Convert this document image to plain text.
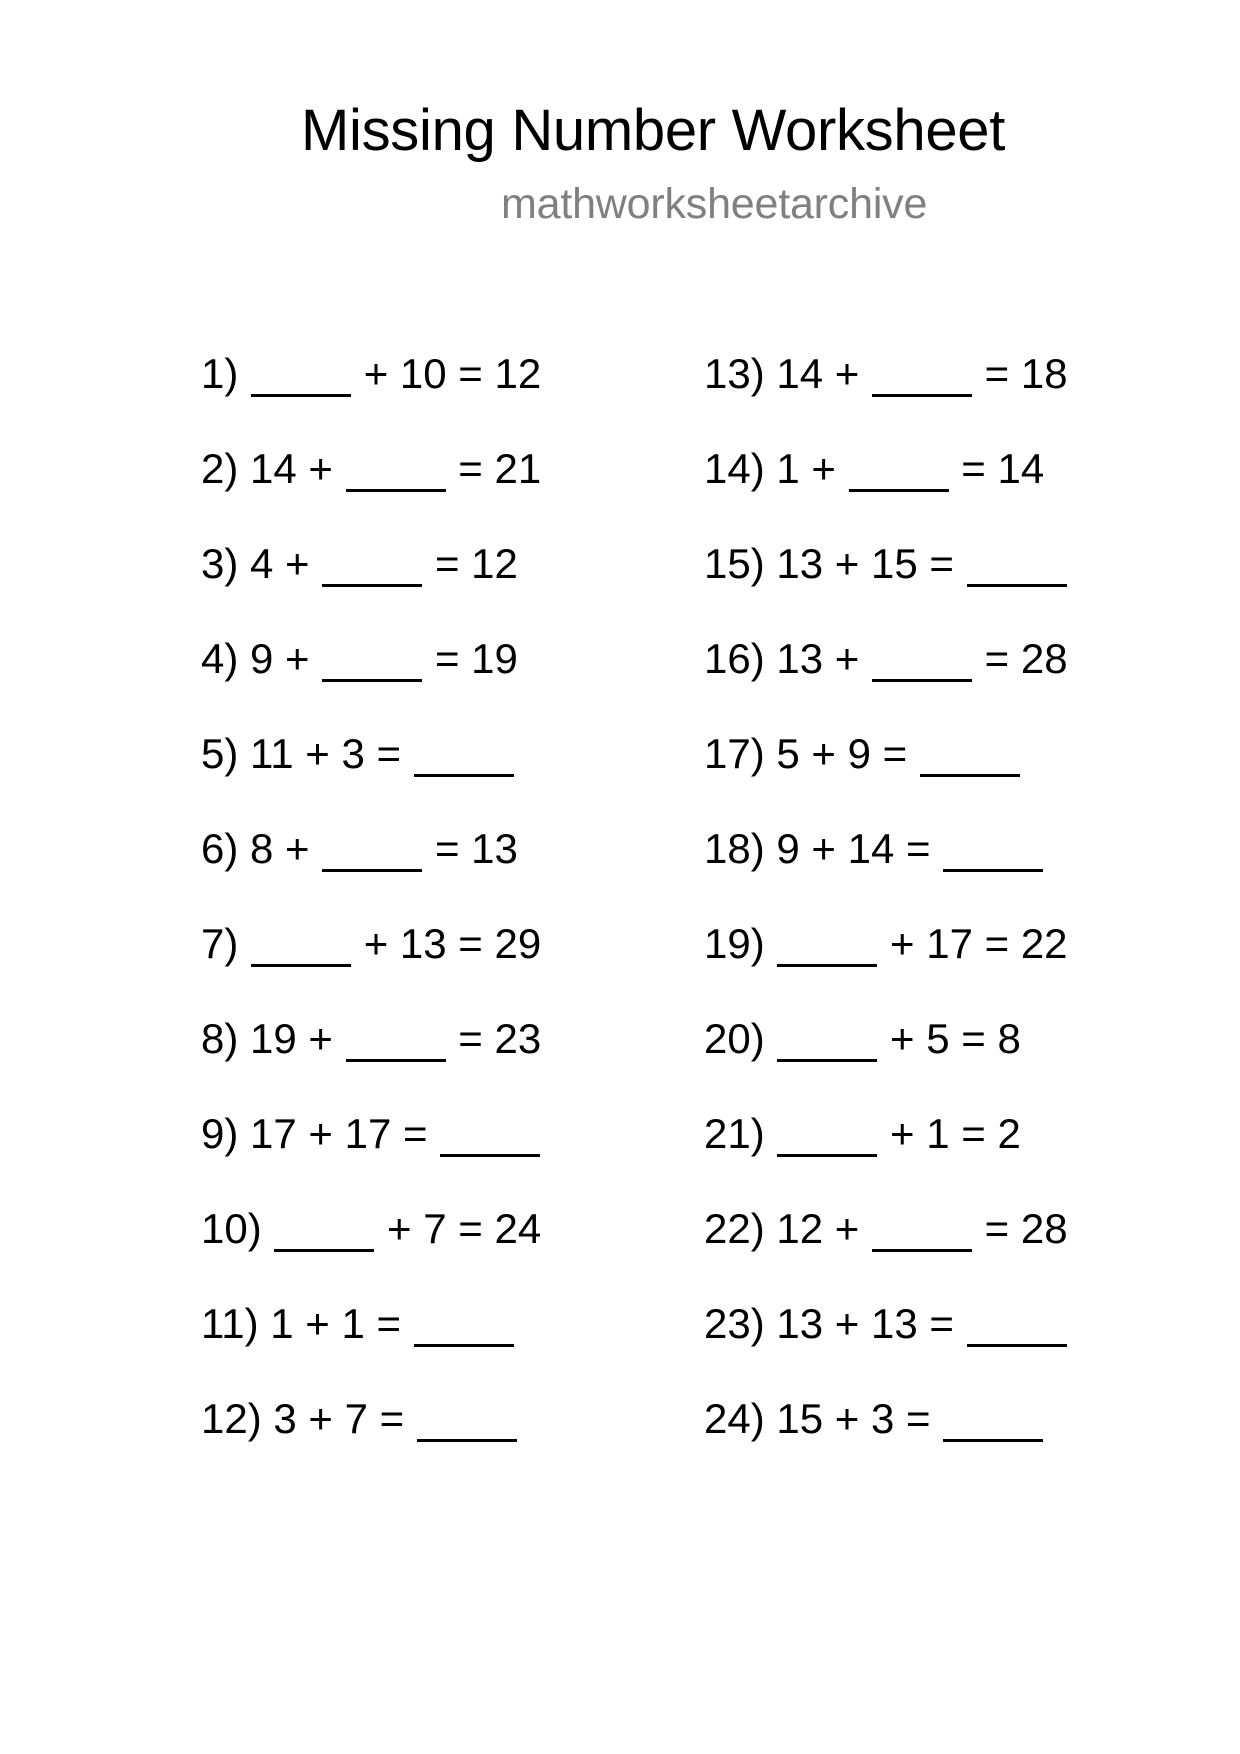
Missing Number Worksheet
mathworksheetarchive
1)	+ 10 = 12
2) 14 +	= 21
3) 4 +	= 12
4) 9 +	= 19
5) 11 + 3 =
6) 8 +	= 13
7)	+ 13 = 29
8) 19 +	= 23
9) 17 + 17 =
10)	+ 7 = 24
11) 1 + 1 =
12) 3 + 7 =
13) 14 +	= 18
14) 1 +	= 14
15) 13 + 15 =
16) 13 +	= 28
17) 5 + 9 =
18) 9 + 14 =
19)	+ 17 = 22
20)	+ 5 = 8
21)	+ 1 = 2
22) 12 +	= 28
23) 13 + 13 =
24) 15 + 3 =
